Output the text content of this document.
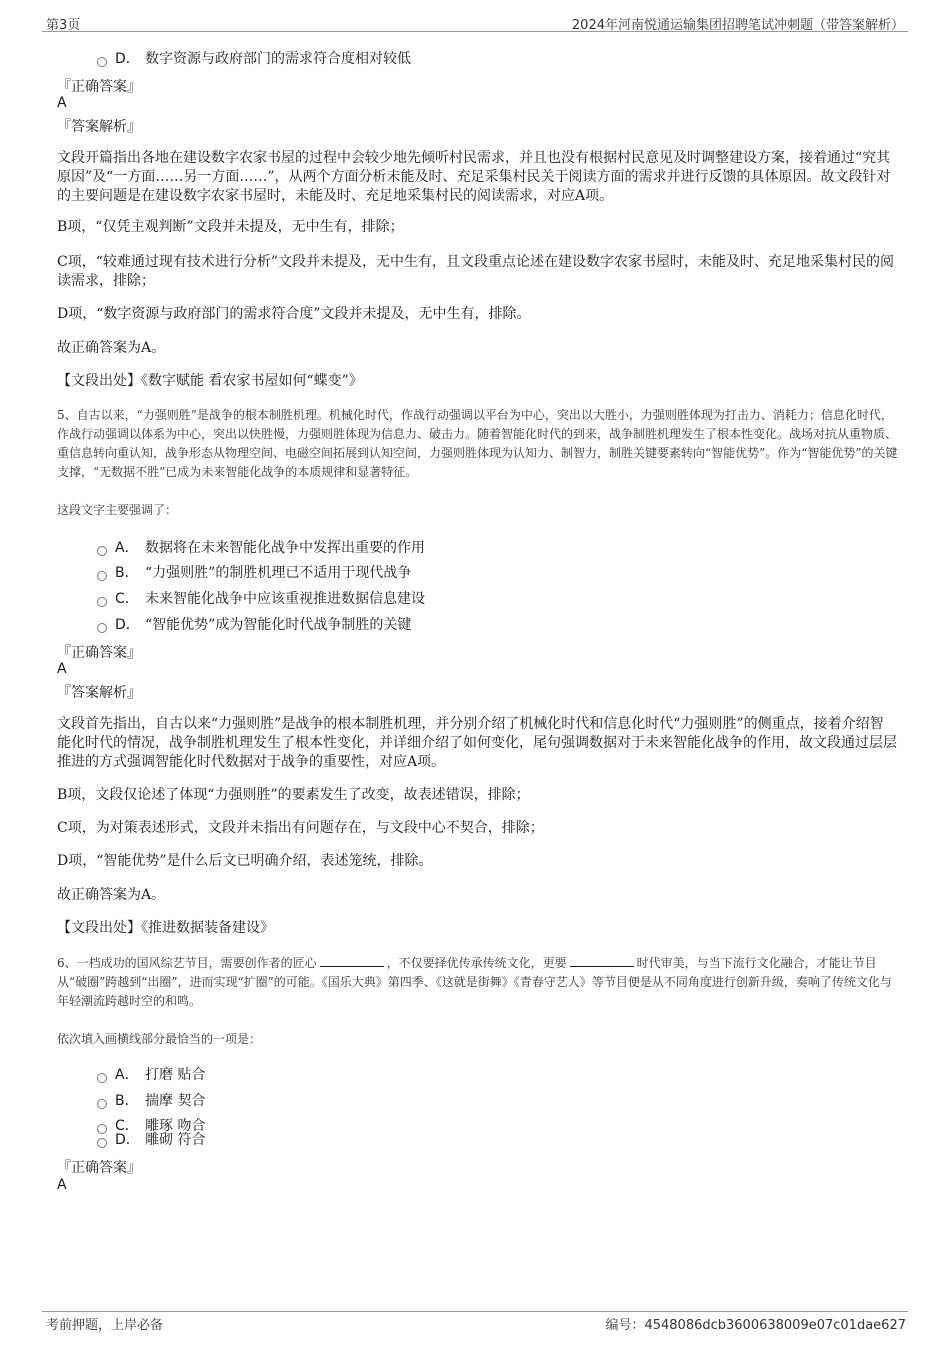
第3页	2024年河南悦通运输集团招聘笔试冲刺题（带答案解析）
D． 数字资源与政府部门的需求符合度相对较低
『正确答案』
A
『答案解析』
文段开篇指出各地在建设数字农家书屋的过程中会较少地先倾听村民需求，并且也没有根据村民意见及时调整建设方案，接着通过“究其原因”及“一方面……另一方面……”，从两个方面分析未能及时、充足采集村民关于阅读方面的需求并进行反馈的具体原因。故文段针对的主要问题是在建设数字农家书屋时，未能及时、充足地采集村民的阅读需求，对应A项。
B项，“仅凭主观判断”文段并未提及，无中生有，排除；
C项，“较难通过现有技术进行分析”文段并未提及，无中生有，且文段重点论述在建设数字农家书屋时，未能及时、充足地采集村民的阅读需求，排除；
D项，“数字资源与政府部门的需求符合度”文段并未提及，无中生有，排除。
故正确答案为A。
【文段出处】《数字赋能 看农家书屋如何“蝶变”》
5、自古以来，“力强则胜”是战争的根本制胜机理。机械化时代，作战行动强调以平台为中心，突出以大胜小，力强则胜体现为打击力、消耗力；信息化时代，作战行动强调以体系为中心，突出以快胜慢，力强则胜体现为信息力、破击力。随着智能化时代的到来，战争制胜机理发生了根本性变化。战场对抗从重物质、重信息转向重认知，战争形态从物理空间、电磁空间拓展到认知空间，力强则胜体现为认知力、制智力，制胜关键要素转向“智能优势”。作为“智能优势”的关键支撑，“无数据不胜”已成为未来智能化战争的本质规律和显著特征。
这段文字主要强调了：
A． 数据将在未来智能化战争中发挥出重要的作用
B． “力强则胜”的制胜机理已不适用于现代战争
C． 未来智能化战争中应该重视推进数据信息建设
D． “智能优势”成为智能化时代战争制胜的关键
『正确答案』
A
『答案解析』
文段首先指出，自古以来“力强则胜”是战争的根本制胜机理，并分别介绍了机械化时代和信息化时代“力强则胜”的侧重点，接着介绍智能化时代的情况，战争制胜机理发生了根本性变化，并详细介绍了如何变化，尾句强调数据对于未来智能化战争的作用，故文段通过层层推进的方式强调智能化时代数据对于战争的重要性，对应A项。
B项，文段仅论述了体现“力强则胜”的要素发生了改变，故表述错误，排除；
C项，为对策表述形式，文段并未指出有问题存在，与文段中心不契合，排除；
D项，“智能优势”是什么后文已明确介绍，表述笼统，排除。
故正确答案为A。
【文段出处】《推进数据装备建设》
6、一档成功的国风综艺节目，需要创作者的匠心	，不仅要择优传承传统文化，更要	时代审美，与当下流行文化融合，才能让节目从“破圈”跨越到“出圈”，进而实现“扩圈”的可能。《国乐大典》第四季、《这就是街舞》《青春守艺人》等节目便是从不同角度进行创新升级，奏响了传统文化与年轻潮流跨越时空的和鸣。
依次填入画横线部分最恰当的一项是：
A． 打磨 贴合
B． 揣摩 契合
C． 雕琢 吻合
D． 雕砌 符合
『正确答案』
A
考前押题，上岸必备	编号：4548086dcb3600638009e07c01dae627
